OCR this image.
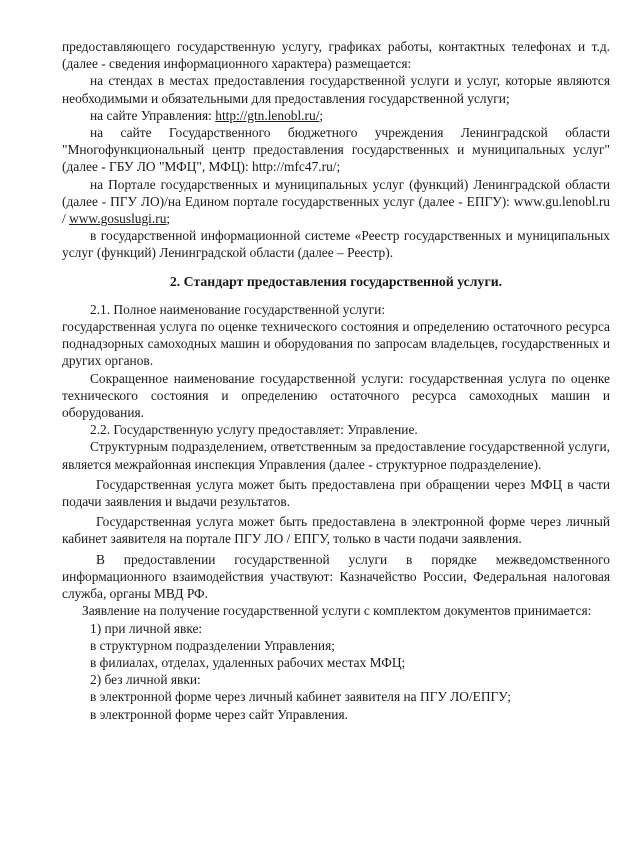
предоставляющего государственную услугу, графиках работы, контактных телефонах и т.д. (далее - сведения информационного характера) размещается:

на стендах в местах предоставления государственной услуги и услуг, которые являются необходимыми и обязательными для предоставления государственной услуги;

на сайте Управления: http://gtn.lenobl.ru/;

на сайте Государственного бюджетного учреждения Ленинградской области "Многофункциональный центр предоставления государственных и муниципальных услуг" (далее - ГБУ ЛО "МФЦ", МФЦ): http://mfc47.ru/;

на Портале государственных и муниципальных услуг (функций) Ленинградской области (далее - ПГУ ЛО)/на Едином портале государственных услуг (далее - ЕПГУ): www.gu.lenobl.ru / www.gosuslugi.ru;

в государственной информационной системе «Реестр государственных и муниципальных услуг (функций) Ленинградской области (далее – Реестр).

2. Стандарт предоставления государственной услуги.

2.1. Полное наименование государственной услуги:

государственная услуга по оценке технического состояния и определению остаточного ресурса поднадзорных самоходных машин и оборудования по запросам владельцев, государственных и других органов.

Сокращенное наименование государственной услуги: государственная услуга по оценке технического состояния и определению остаточного ресурса самоходных машин и оборудования.

2.2. Государственную услугу предоставляет: Управление.

Структурным подразделением, ответственным за предоставление государственной услуги, является межрайонная инспекция Управления (далее - структурное подразделение).

Государственная услуга может быть предоставлена при обращении через МФЦ в части подачи заявления и выдачи результатов.

Государственная услуга может быть предоставлена в электронной форме через личный кабинет заявителя на портале ПГУ ЛО / ЕПГУ, только в части подачи заявления.

В предоставлении государственной услуги в порядке межведомственного информационного взаимодействия участвуют: Казначейство России, Федеральная налоговая служба, органы МВД РФ.

Заявление на получение государственной услуги с комплектом документов принимается:

1) при личной явке:

в структурном подразделении Управления;

в филиалах, отделах, удаленных рабочих местах МФЦ;

2) без личной явки:

в электронной форме через личный кабинет заявителя на ПГУ ЛО/ЕПГУ;

в электронной форме через сайт Управления.
